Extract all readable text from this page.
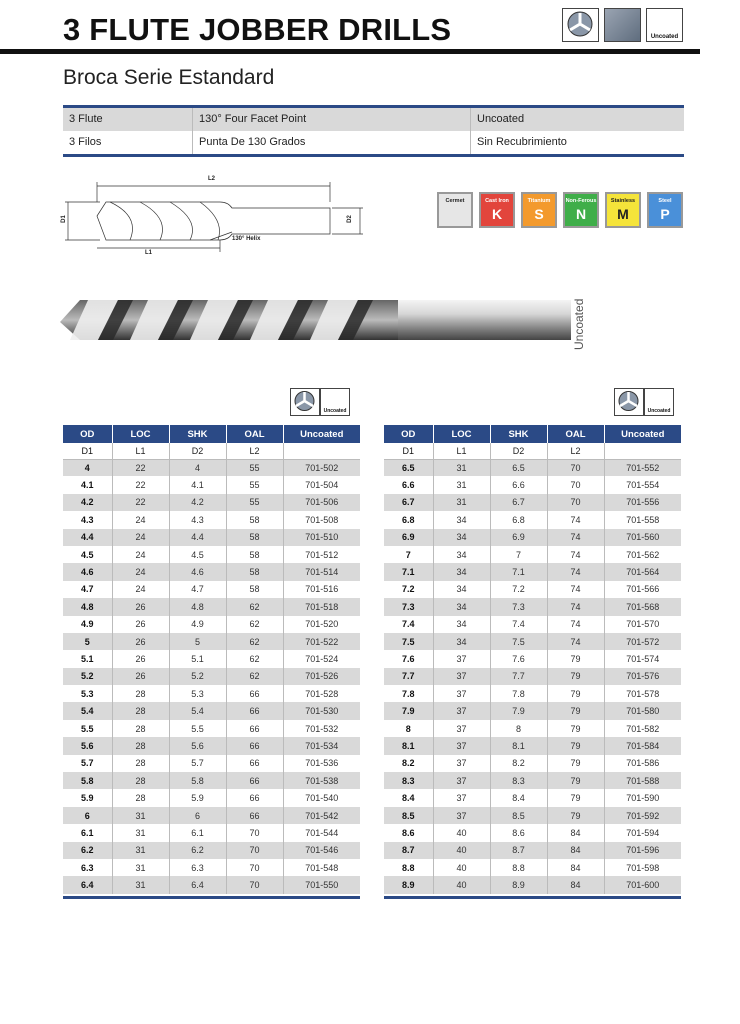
3 FLUTE JOBBER DRILLS	Uncoated
Broca Serie Estandard
3 Flute	130° Four Facet Point	Uncoated
3 Filos	Punta De 130 Grados	Sin Recubrimiento
L2
D1	D2
L1
130° Helix
Cermet	Cast Iron
K
Titanium
S
Non-Ferous
N
Stainless
M
Steel
P
Uncoated
Uncoated	Uncoated
OD	LOC	SHK	OAL	Uncoated
D1	L1	D2	L2	
4	22	4	55	701-502
4.1	22	4.1	55	701-504
4.2	22	4.2	55	701-506
4.3	24	4.3	58	701-508
4.4	24	4.4	58	701-510
4.5	24	4.5	58	701-512
4.6	24	4.6	58	701-514
4.7	24	4.7	58	701-516
4.8	26	4.8	62	701-518
4.9	26	4.9	62	701-520
5	26	5	62	701-522
5.1	26	5.1	62	701-524
5.2	26	5.2	62	701-526
5.3	28	5.3	66	701-528
5.4	28	5.4	66	701-530
5.5	28	5.5	66	701-532
5.6	28	5.6	66	701-534
5.7	28	5.7	66	701-536
5.8	28	5.8	66	701-538
5.9	28	5.9	66	701-540
6	31	6	66	701-542
6.1	31	6.1	70	701-544
6.2	31	6.2	70	701-546
6.3	31	6.3	70	701-548
6.4	31	6.4	70	701-550
OD	LOC	SHK	OAL	Uncoated
D1	L1	D2	L2	
6.5	31	6.5	70	701-552
6.6	31	6.6	70	701-554
6.7	31	6.7	70	701-556
6.8	34	6.8	74	701-558
6.9	34	6.9	74	701-560
7	34	7	74	701-562
7.1	34	7.1	74	701-564
7.2	34	7.2	74	701-566
7.3	34	7.3	74	701-568
7.4	34	7.4	74	701-570
7.5	34	7.5	74	701-572
7.6	37	7.6	79	701-574
7.7	37	7.7	79	701-576
7.8	37	7.8	79	701-578
7.9	37	7.9	79	701-580
8	37	8	79	701-582
8.1	37	8.1	79	701-584
8.2	37	8.2	79	701-586
8.3	37	8.3	79	701-588
8.4	37	8.4	79	701-590
8.5	37	8.5	79	701-592
8.6	40	8.6	84	701-594
8.7	40	8.7	84	701-596
8.8	40	8.8	84	701-598
8.9	40	8.9	84	701-600
